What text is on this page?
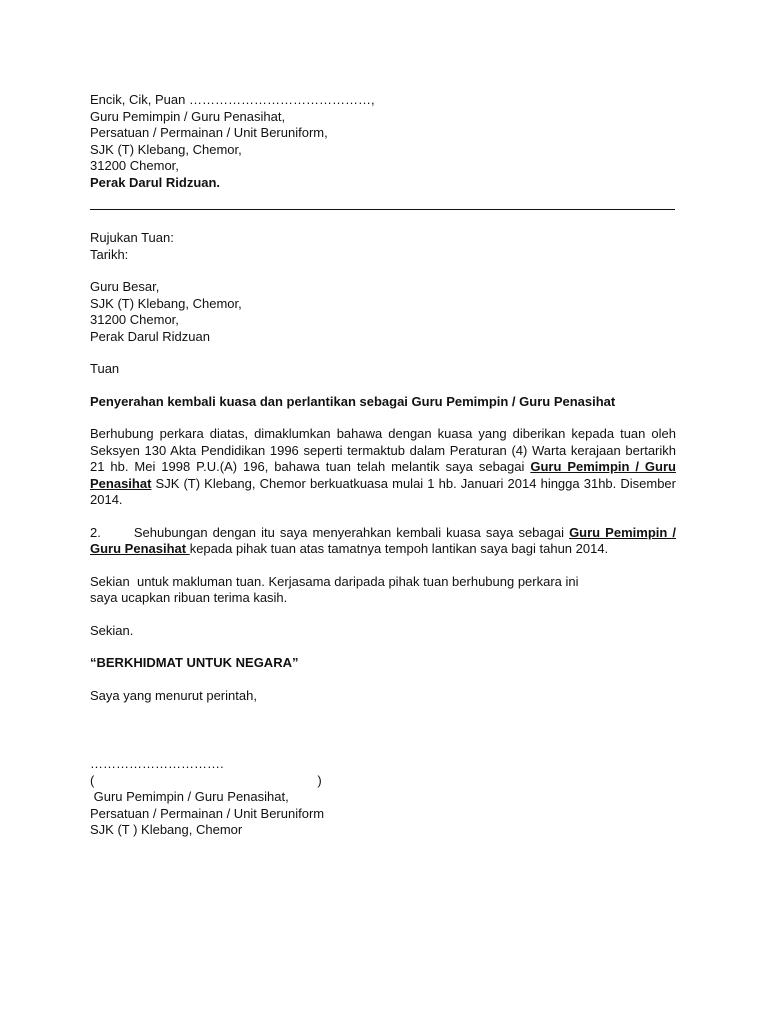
Encik, Cik, Puan ……………………………………,
Guru Pemimpin / Guru Penasihat,
Persatuan / Permainan / Unit Beruniform,
SJK (T) Klebang, Chemor,
31200 Chemor,
Perak Darul Ridzuan.
Rujukan Tuan:
Tarikh:
Guru Besar,
SJK (T) Klebang, Chemor,
31200 Chemor,
Perak Darul Ridzuan
Tuan
Penyerahan kembali kuasa dan perlantikan sebagai Guru Pemimpin / Guru Penasihat
Berhubung perkara diatas, dimaklumkan bahawa dengan kuasa yang diberikan kepada tuan oleh Seksyen 130 Akta Pendidikan 1996 seperti termaktub dalam Peraturan (4) Warta kerajaan bertarikh 21 hb. Mei 1998 P.U.(A) 196, bahawa tuan telah melantik saya sebagai Guru Pemimpin / Guru Penasihat SJK (T) Klebang, Chemor berkuatkuasa mulai 1 hb. Januari 2014 hingga 31hb. Disember 2014.
2.	Sehubungan dengan itu saya menyerahkan kembali kuasa saya sebagai Guru Pemimpin / Guru Penasihat kepada pihak tuan atas tamatnya tempoh lantikan saya bagi tahun 2014.
Sekian  untuk makluman tuan. Kerjasama daripada pihak tuan berhubung perkara ini
saya ucapkan ribuan terima kasih.
Sekian.
“BERKHIDMAT UNTUK NEGARA”
Saya yang menurut perintah,
………………………….
(	)
Guru Pemimpin / Guru Penasihat,
Persatuan / Permainan / Unit Beruniform
SJK (T ) Klebang, Chemor
